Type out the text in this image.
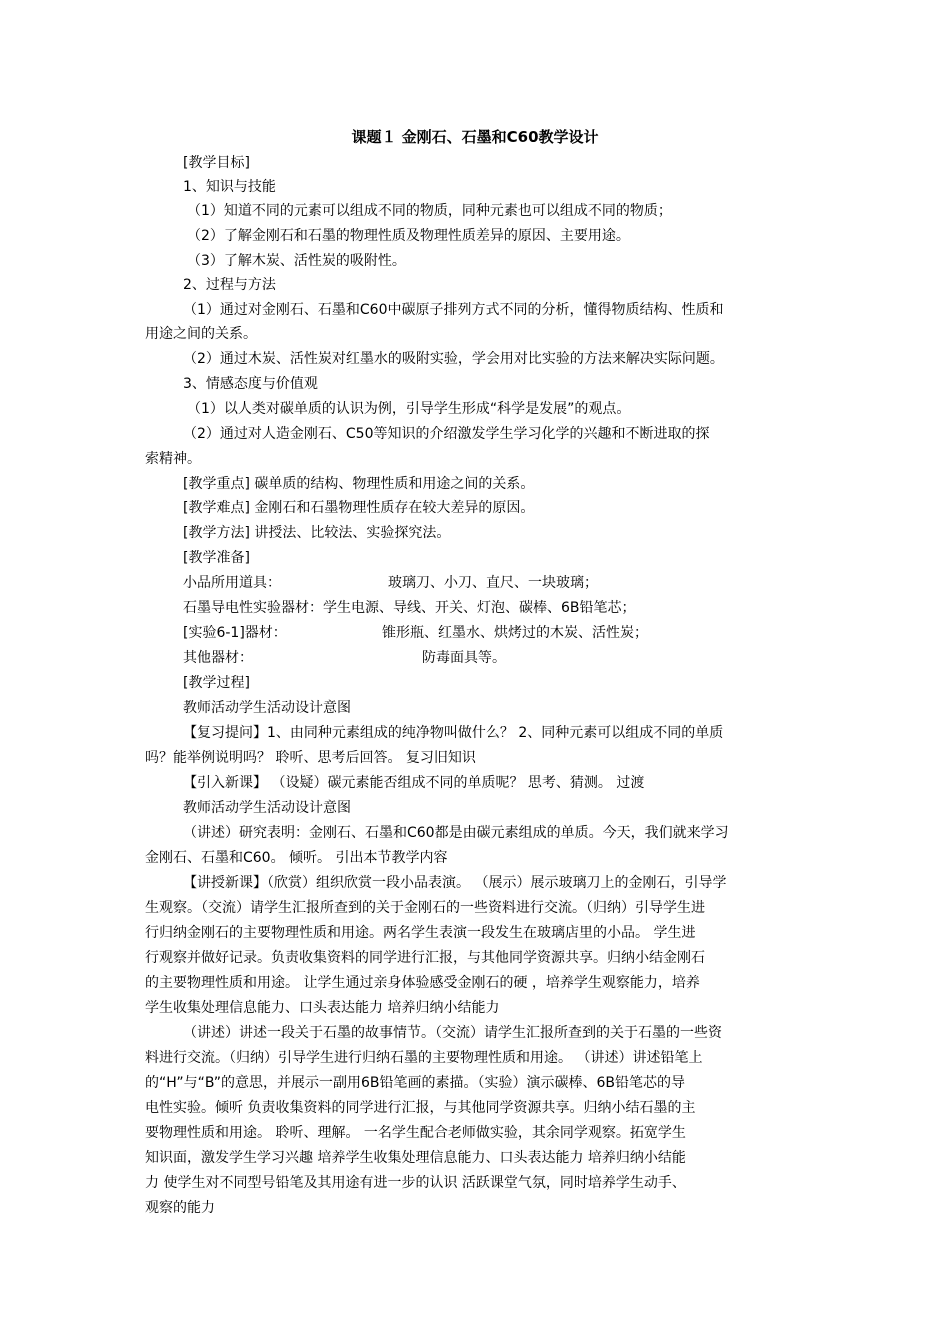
课题１ 金刚石、石墨和C60教学设计
[教学目标]
1、知识与技能
（1）知道不同的元素可以组成不同的物质，同种元素也可以组成不同的物质；
（2）了解金刚石和石墨的物理性质及物理性质差异的原因、主要用途。
（3）了解木炭、活性炭的吸附性。
2、过程与方法
（1）通过对金刚石、石墨和C60中碳原子排列方式不同的分析，懂得物质结构、性质和
用途之间的关系。
（2）通过木炭、活性炭对红墨水的吸附实验，学会用对比实验的方法来解决实际问题。
3、情感态度与价值观
（1）以人类对碳单质的认识为例，引导学生形成“科学是发展”的观点。
（2）通过对人造金刚石、C50等知识的介绍激发学生学习化学的兴趣和不断进取的探
索精神。
[教学重点] 碳单质的结构、物理性质和用途之间的关系。
[教学难点] 金刚石和石墨物理性质存在较大差异的原因。
[教学方法] 讲授法、比较法、实验探究法。
[教学准备]
小品所用道具：	玻璃刀、小刀、直尺、一块玻璃；
石墨导电性实验器材：学生电源、导线、开关、灯泡、碳棒、6B铅笔芯；
[实验6-1]器材：	锥形瓶、红墨水、烘烤过的木炭、活性炭；
其他器材：	防毒面具等。
[教学过程]
教师活动学生活动设计意图
【复习提问】1、由同种元素组成的纯净物叫做什么？ 2、同种元素可以组成不同的单质
吗？能举例说明吗？ 聆听、思考后回答。 复习旧知识
【引入新课】 （设疑）碳元素能否组成不同的单质呢？ 思考、猜测。 过渡
教师活动学生活动设计意图
（讲述）研究表明：金刚石、石墨和C60都是由碳元素组成的单质。今天，我们就来学习
金刚石、石墨和C60。 倾听。 引出本节教学内容
【讲授新课】（欣赏）组织欣赏一段小品表演。 （展示）展示玻璃刀上的金刚石，引导学
生观察。（交流）请学生汇报所查到的关于金刚石的一些资料进行交流。（归纳）引导学生进
行归纳金刚石的主要物理性质和用途。两名学生表演一段发生在玻璃店里的小品。 学生进
行观察并做好记录。负责收集资料的同学进行汇报，与其他同学资源共享。归纳小结金刚石
的主要物理性质和用途。 让学生通过亲身体验感受金刚石的硬 ，培养学生观察能力，培养
学生收集处理信息能力、口头表达能力 培养归纳小结能力
（讲述）讲述一段关于石墨的故事情节。（交流）请学生汇报所查到的关于石墨的一些资
料进行交流。（归纳）引导学生进行归纳石墨的主要物理性质和用途。 （讲述）讲述铅笔上
的“H”与“B”的意思，并展示一副用6B铅笔画的素描。（实验）演示碳棒、6B铅笔芯的导
电性实验。倾听 负责收集资料的同学进行汇报，与其他同学资源共享。归纳小结石墨的主
要物理性质和用途。 聆听、理解。 一名学生配合老师做实验，其余同学观察。拓宽学生
知识面，激发学生学习兴趣 培养学生收集处理信息能力、口头表达能力 培养归纳小结能
力 使学生对不同型号铅笔及其用途有进一步的认识 活跃课堂气氛，同时培养学生动手、
观察的能力
